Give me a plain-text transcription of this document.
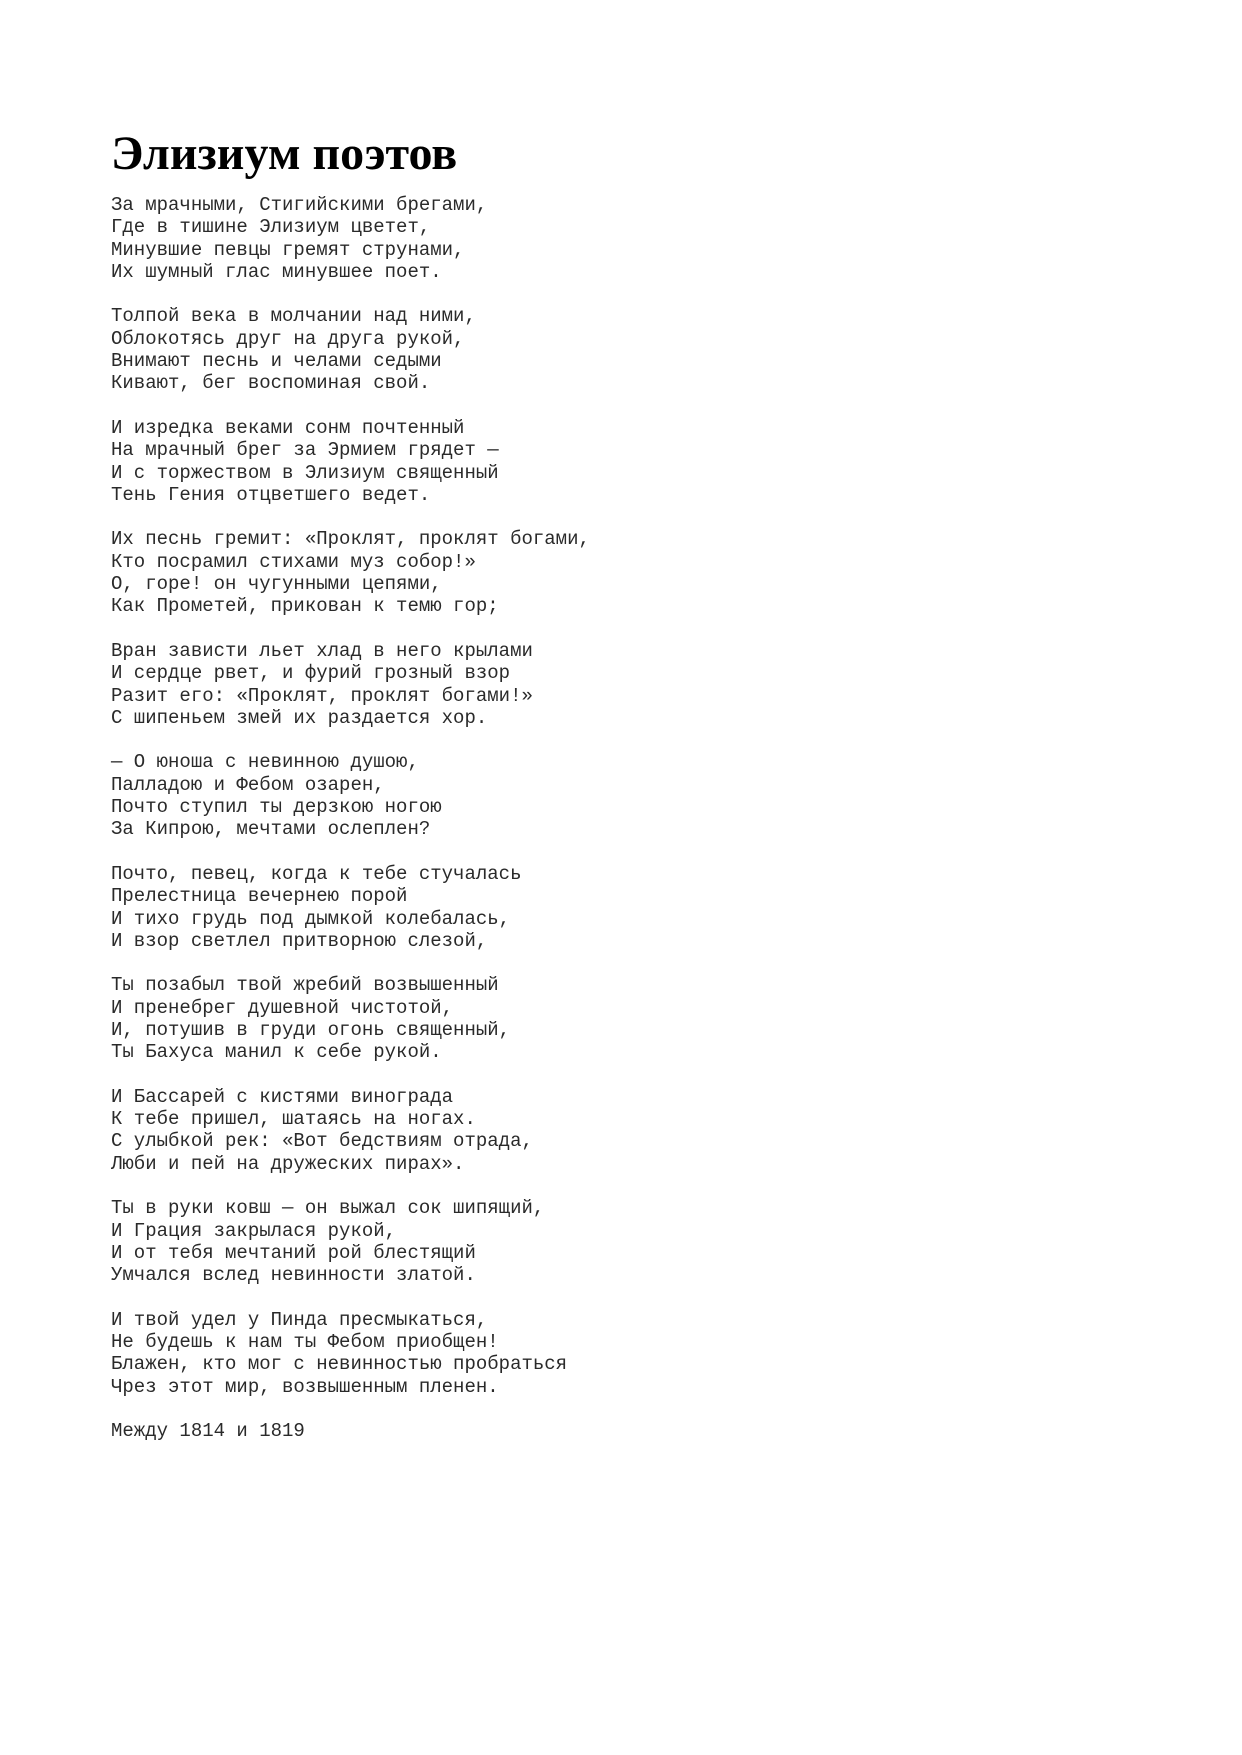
Элизиум поэтов
За мрачными, Стигийскими брегами,
Где в тишине Элизиум цветет,
Минувшие певцы гремят струнами,
Их шумный глас минувшее поет.
Толпой века в молчании над ними,
Облокотясь друг на друга рукой,
Внимают песнь и челами седыми
Кивают, бег воспоминая свой.
И изредка веками сонм почтенный
На мрачный брег за Эрмием грядет —
И с торжеством в Элизиум священный
Тень Гения отцветшего ведет.
Их песнь гремит: «Проклят, проклят богами,
Кто посрамил стихами муз собор!»
О, горе! он чугунными цепями,
Как Прометей, прикован к темю гор;
Вран зависти льет хлад в него крылами
И сердце рвет, и фурий грозный взор
Разит его: «Проклят, проклят богами!»
С шипеньем змей их раздается хор.
— О юноша с невинною душою,
Палладою и Фебом озарен,
Почто ступил ты дерзкою ногою
За Кипрою, мечтами ослеплен?
Почто, певец, когда к тебе стучалась
Прелестница вечернею порой
И тихо грудь под дымкой колебалась,
И взор светлел притворною слезой,
Ты позабыл твой жребий возвышенный
И пренебрег душевной чистотой,
И, потушив в груди огонь священный,
Ты Бахуса манил к себе рукой.
И Бассарей с кистями винограда
К тебе пришел, шатаясь на ногах.
С улыбкой рек: «Вот бедствиям отрада,
Люби и пей на дружеских пирах».
Ты в руки ковш — он выжал сок шипящий,
И Грация закрылася рукой,
И от тебя мечтаний рой блестящий
Умчался вслед невинности златой.
И твой удел у Пинда пресмыкаться,
Не будешь к нам ты Фебом приобщен!
Блажен, кто мог с невинностью пробраться
Чрез этот мир, возвышенным пленен.
Между 1814 и 1819
